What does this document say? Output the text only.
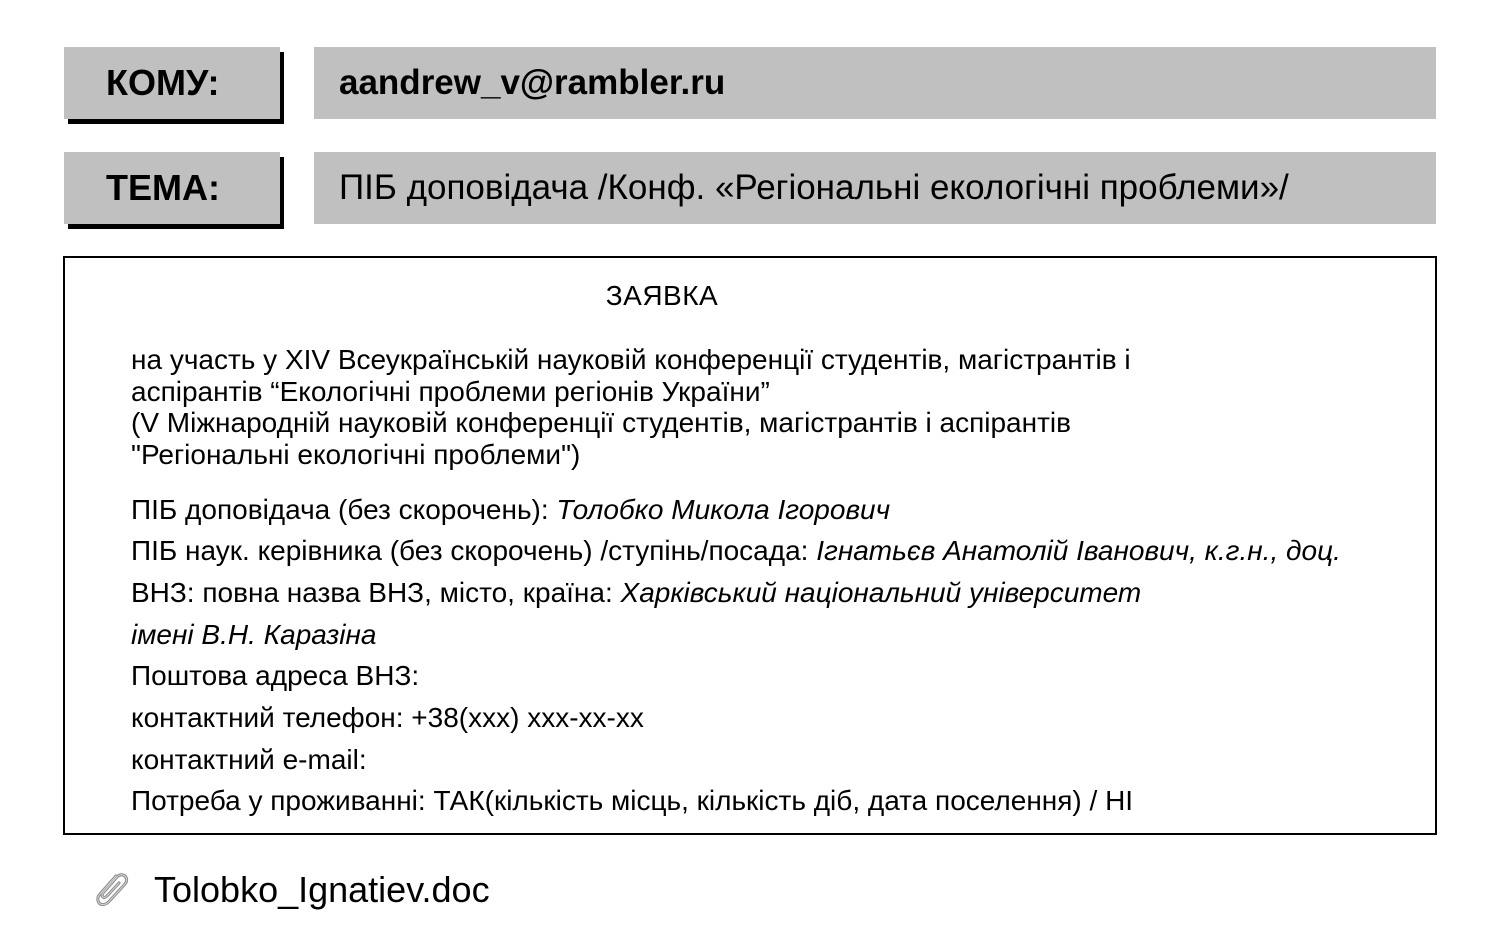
КОМУ:	aandrew_v@rambler.ru
ТЕМА:	ПІБ доповідача /Конф. «Регіональні екологічні проблеми»/
ЗАЯВКА
на участь у XIV Всеукраїнській науковій конференції студентів, магістрантів і
аспірантів “Екологічні проблеми регіонів України”
(V Міжнародній науковій конференції студентів, магістрантів і аспірантів
"Регіональні екологічні проблеми")
ПІБ доповідача (без скорочень): Толобко Микола Ігорович
ПІБ наук. керівника (без скорочень) /ступінь/посада: Ігнатьєв Анатолій Іванович, к.г.н., доц.
ВНЗ: повна назва ВНЗ, місто, країна: Харківський національний університет
імені В.Н. Каразіна
Поштова адреса ВНЗ:
контактний телефон: +38(ххх) ххх-хх-хх
контактний e-mail:
Потреба у проживанні: ТАК(кількість місць, кількість діб, дата поселення) / НІ
Tolobko_Ignatiev.doc
